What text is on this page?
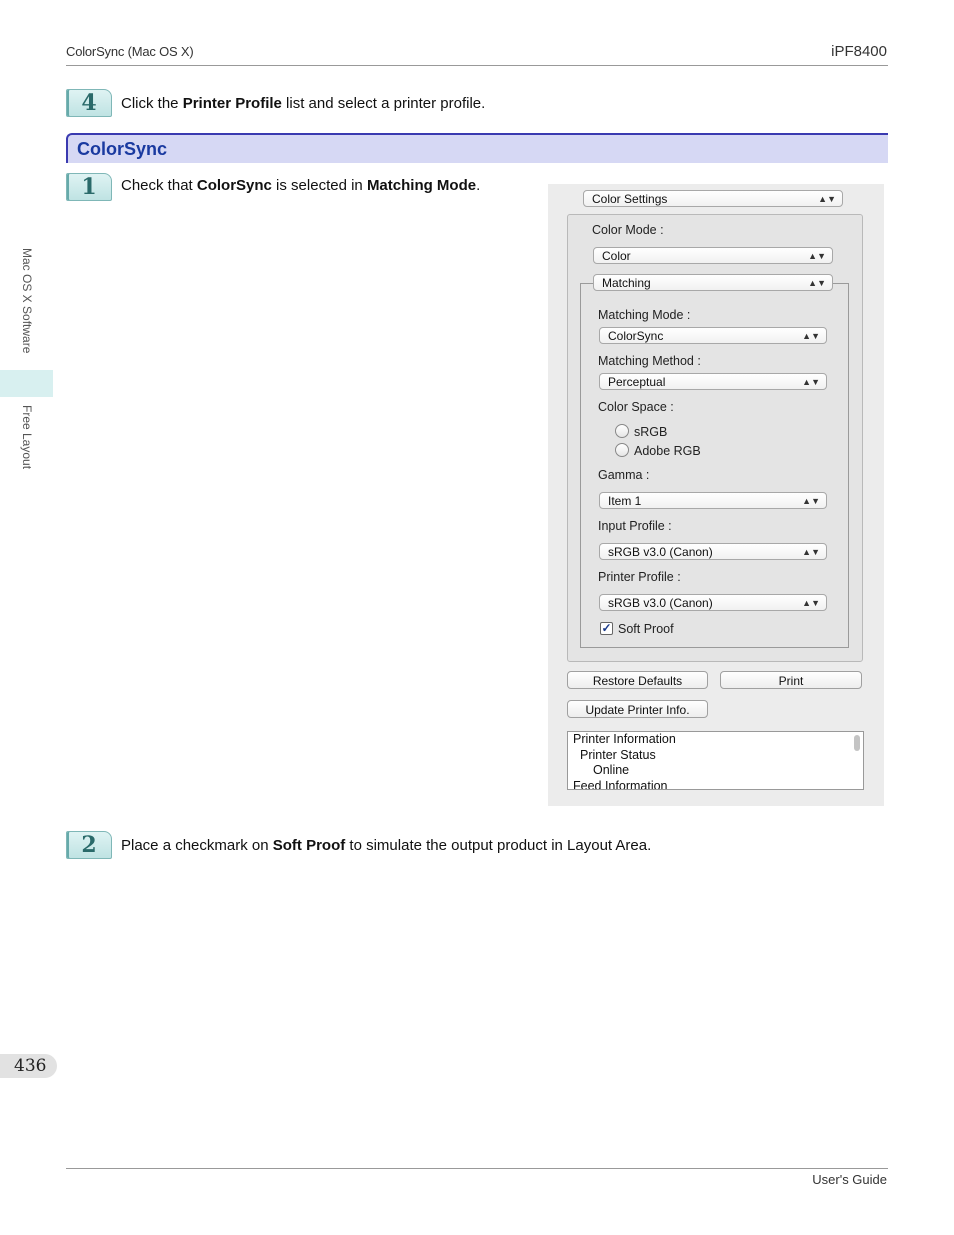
ColorSync (Mac OS X)	iPF8400
Mac OS X Software
Free Layout
4	Click the Printer Profile list and select a printer profile.
ColorSync
1	Check that ColorSync is selected in Matching Mode.
Color Settings	▲▼
Color Mode :
Color	▲▼
Matching	▲▼
Matching Mode :
ColorSync	▲▼
Matching Method :
Perceptual	▲▼
Color Space :
sRGB
Adobe RGB
Gamma :
Item 1	▲▼
Input Profile :
sRGB v3.0 (Canon)	▲▼
Printer Profile :
sRGB v3.0 (Canon)	▲▼
✓ Soft Proof
Restore Defaults	Print
Update Printer Info.
Printer Information
Printer Status
Online
Feed Information
2	Place a checkmark on Soft Proof to simulate the output product in Layout Area.
436
User's Guide
